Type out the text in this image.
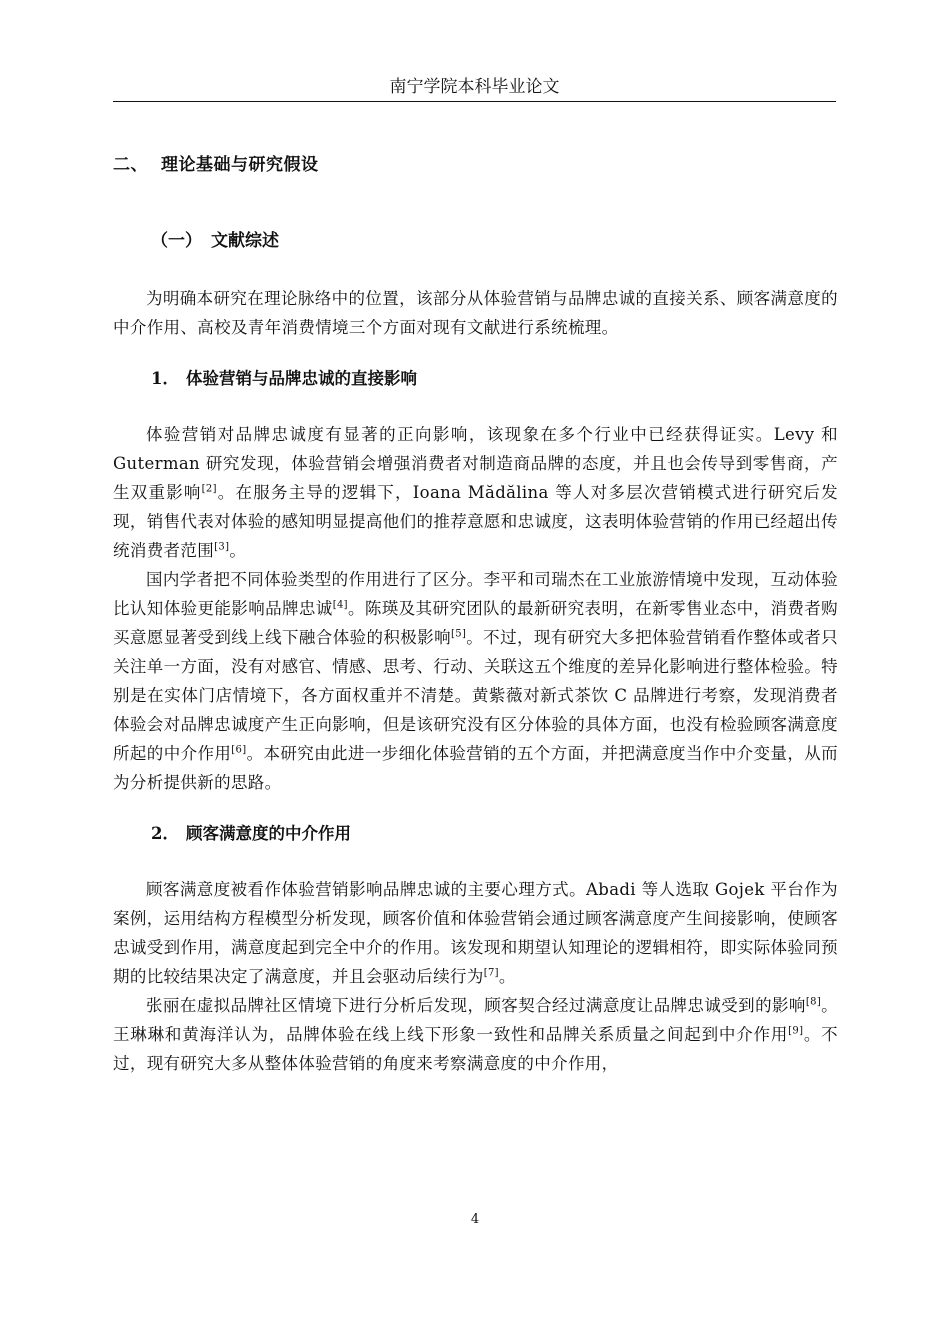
南宁学院本科毕业论文
二、 理论基础与研究假设
（一） 文献综述

为明确本研究在理论脉络中的位置，该部分从体验营销与品牌忠诚的直接关系、顾客满意度的中介作用、高校及青年消费情境三个方面对现有文献进行系统梳理。

1． 体验营销与品牌忠诚的直接影响

体验营销对品牌忠诚度有显著的正向影响，该现象在多个行业中已经获得证实。Levy 和 Guterman 研究发现，体验营销会增强消费者对制造商品牌的态度，并且也会传导到零售商，产生双重影响[2]。在服务主导的逻辑下，Ioana Mădălina 等人对多层次营销模式进行研究后发现，销售代表对体验的感知明显提高他们的推荐意愿和忠诚度，这表明体验营销的作用已经超出传统消费者范围[3]。

国内学者把不同体验类型的作用进行了区分。李平和司瑞杰在工业旅游情境中发现，互动体验比认知体验更能影响品牌忠诚[4]。陈瑛及其研究团队的最新研究表明，在新零售业态中，消费者购买意愿显著受到线上线下融合体验的积极影响[5]。不过，现有研究大多把体验营销看作整体或者只关注单一方面，没有对感官、情感、思考、行动、关联这五个维度的差异化影响进行整体检验。特别是在实体门店情境下，各方面权重并不清楚。黄紫薇对新式茶饮 C 品牌进行考察，发现消费者体验会对品牌忠诚度产生正向影响，但是该研究没有区分体验的具体方面，也没有检验顾客满意度所起的中介作用[6]。本研究由此进一步细化体验营销的五个方面，并把满意度当作中介变量，从而为分析提供新的思路。

2． 顾客满意度的中介作用

顾客满意度被看作体验营销影响品牌忠诚的主要心理方式。Abadi 等人选取 Gojek 平台作为案例，运用结构方程模型分析发现，顾客价值和体验营销会通过顾客满意度产生间接影响，使顾客忠诚受到作用，满意度起到完全中介的作用。该发现和期望认知理论的逻辑相符，即实际体验同预期的比较结果决定了满意度，并且会驱动后续行为[7]。

张丽在虚拟品牌社区情境下进行分析后发现，顾客契合经过满意度让品牌忠诚受到的影响[8]。王琳琳和黄海洋认为，品牌体验在线上线下形象一致性和品牌关系质量之间起到中介作用[9]。不过，现有研究大多从整体体验营销的角度来考察满意度的中介作用，

4
